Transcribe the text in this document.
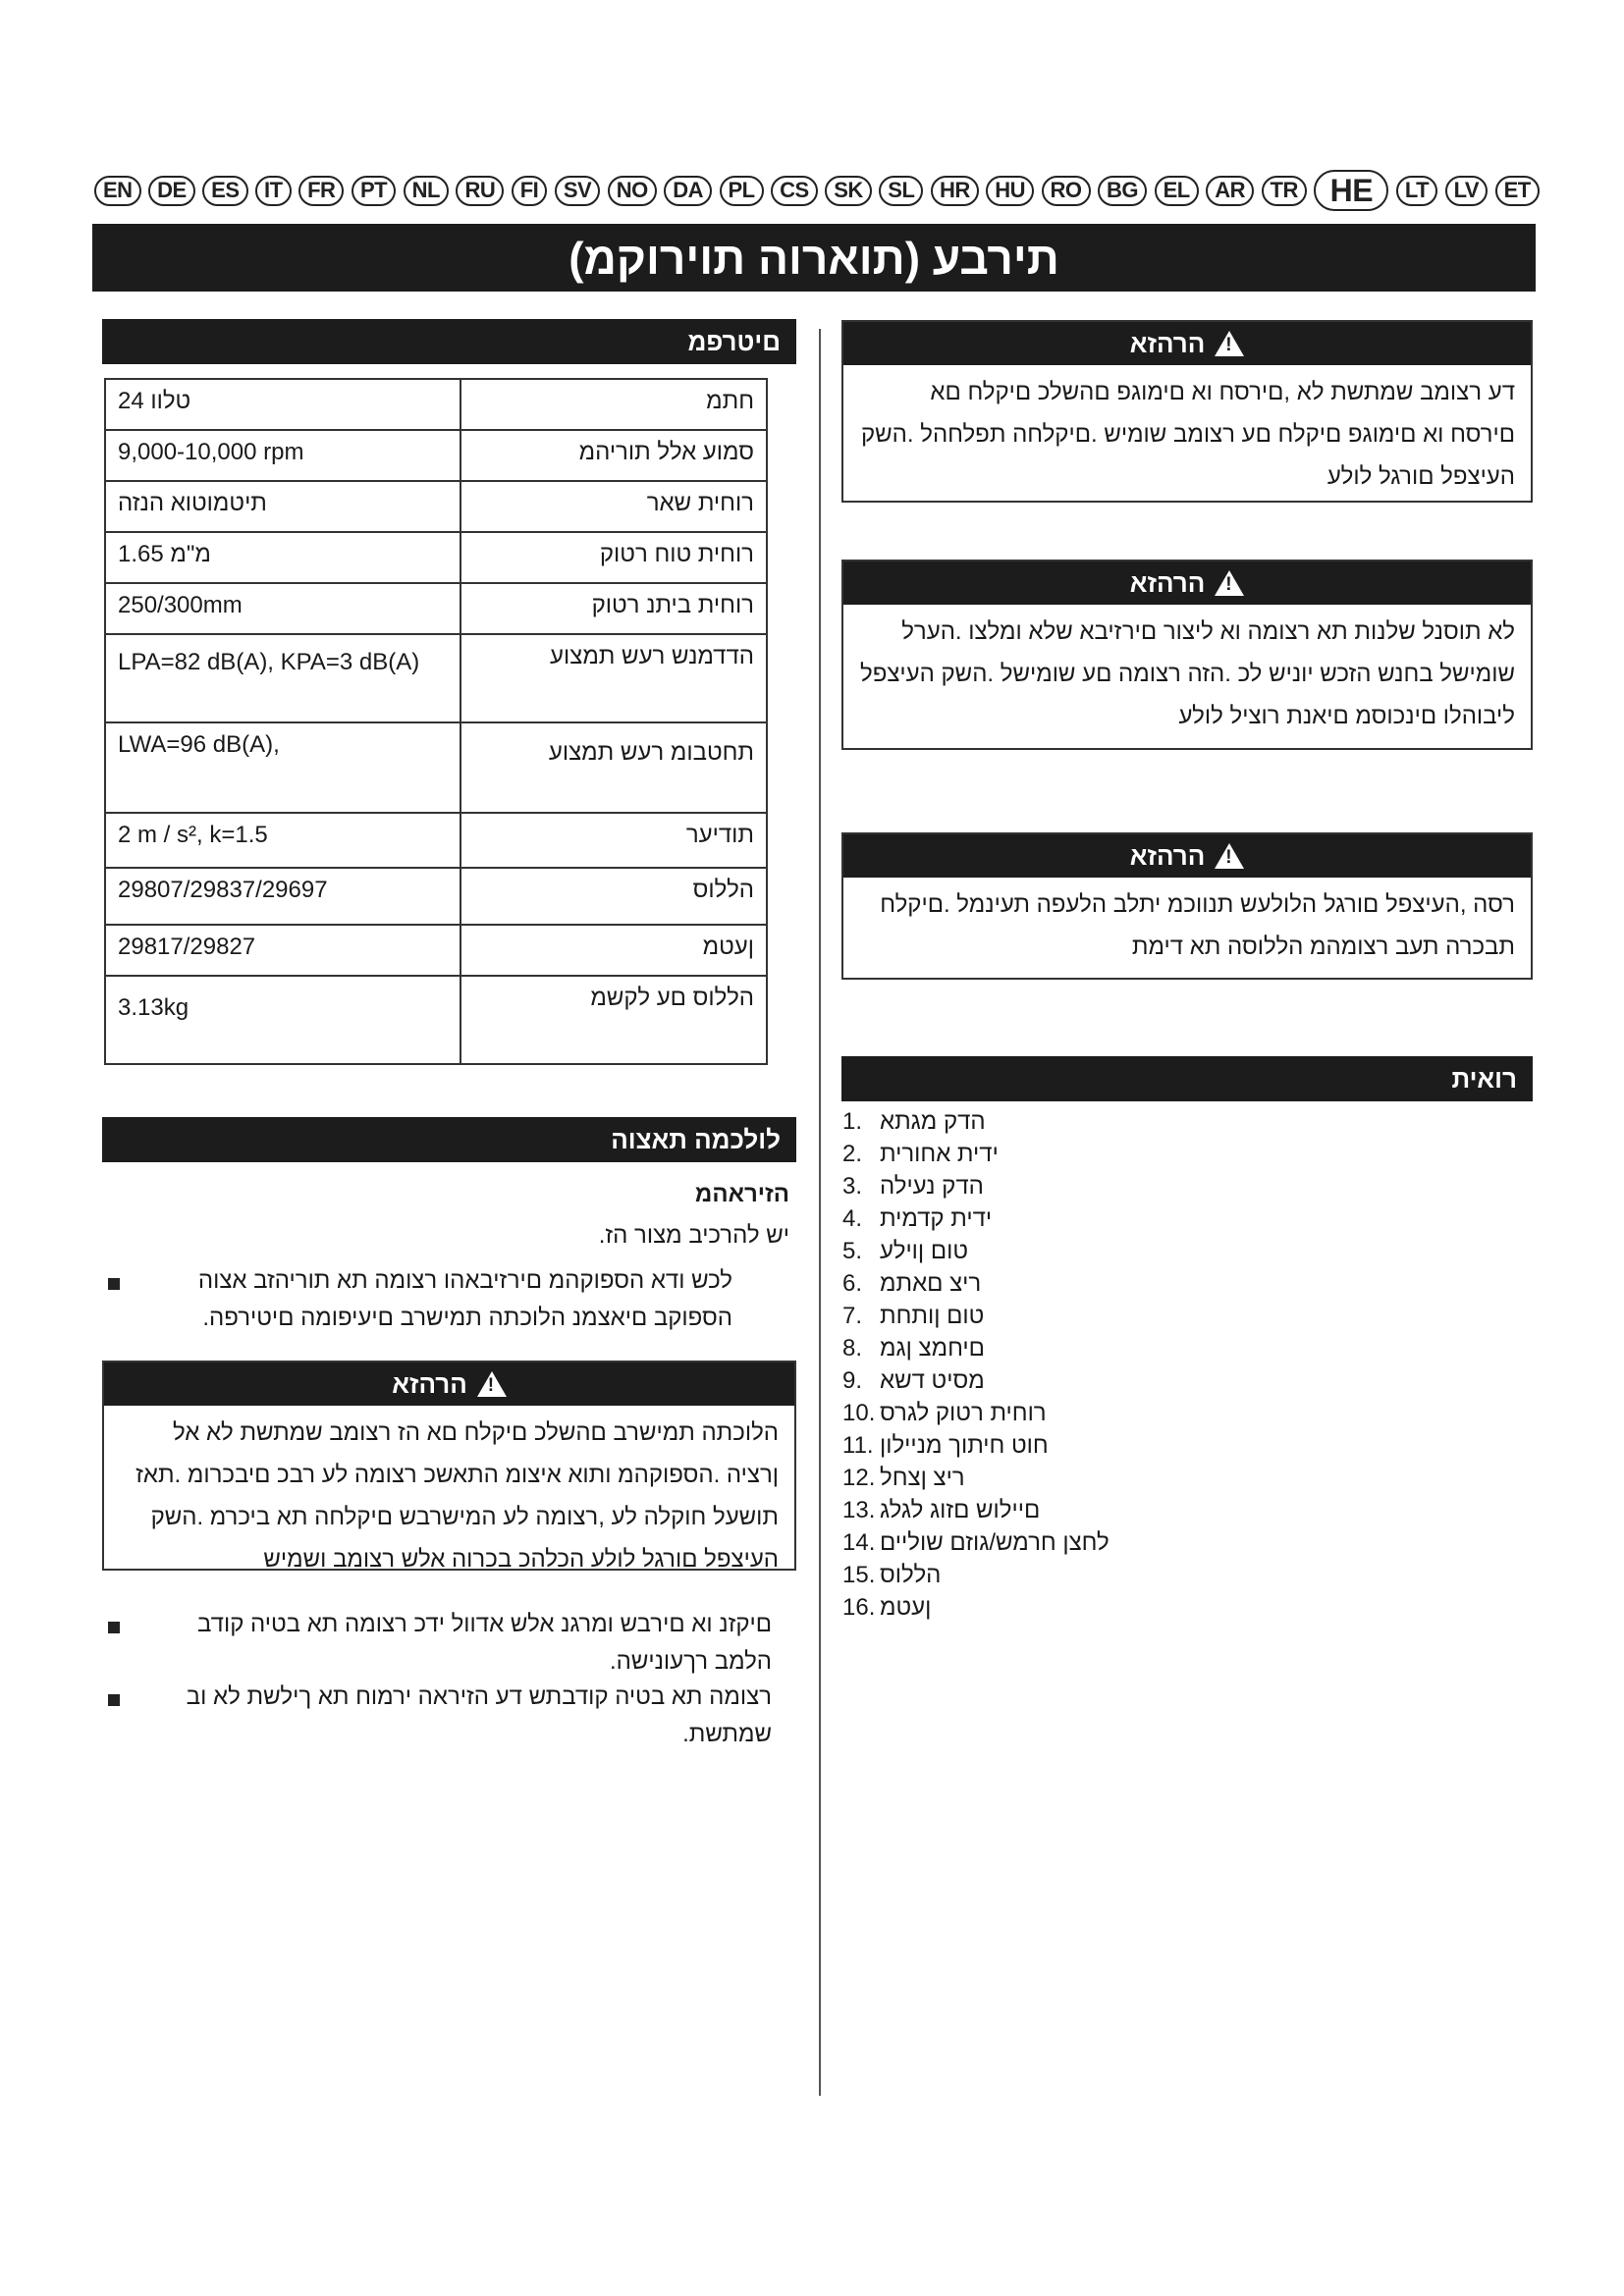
EN	DE	ES	IT	FR	PT	NL	RU	FI	SV	NO	DA	PL	CS	SK	SL	HR	HU	RO	BG	EL	AR	TR	HE	LT	LV	ET
תירבע (תוארוה תוירוקמ)
םיטרפמ
24 טלוו	חתמ
9,000-10,000 rpm	סמוע אלל תוריהמ
תיטמוטוא הנזה	רוחית שאר
1.65 מ"מ	רוחית טוח רטוק
250/300mm	רוחית ביתנ רטוק
LPA=82 dB(A), KPA=3 dB(A)	הדדמנש רעש תמצוע
LWA=96 dB(A),	תחטבומ רעש תמצוע
2 m / s², k=1.5	תודיער
29807/29837/29697	הללוס
29817/29827	ןעטמ
3.13kg	הללוס םע לקשמ
לולכמה תאצוה
הזיראהמ
יש להרכיב מצור הז.
לכש ודא הספוקהמ םירזיבאהו רצומה תא תוריהזב אצוה הספוקב םיאצמנ הלוכתה תמישרב םיעיפומה םיטירפה.
!
הרהזא
הלוכתה תמישרב םהשלכ םיקלח םא הז רצומב שמתשת לא אל ןרציה .הספוקהמ ותוא איצומ התאשכ רצומה לע רבכ םיבכרומ .תאז תושעל חוקלה לע ,רצומה לע המישרבש םיקלחה תא ביכרמ .השק העיצפל םורגל לולע הכלהכ בכרוה אלש רצומב ושמיש
םיקזנ וא םירבש ומרגנ אלש אדוול ידכ רצומה תא בטיה קודב הלמב רךעונישה.
רצומה תא בטיה קודבתש דע הזיראה ירמוח תא ךילשת לא וב שמתשת.
!
הרהזא
דע רצומב שמתשת לא ,םירסח וא םימוגפ םהשלכ םיקלח םא םירסח וא םימוגפ םיקלח םע רצומב שומיש .םיקלחה תפלחהל .השק העיצפל םורגל לולע
!
הרהזא
לא תוסנל שלנות תא רצומה וא ליצור םירזיבא שלא ומלצו .הערל שומישל בחנש הזכש יוניש לכ .הזה רצומה םע שומישל .השק העיצפל ליבוהלו םינכוסמ םיאנת רוציל לולע
!
הרהזא
רסה ,העיצפל םורגל הלולעש תנווכמ יתלב הלעפה תעינמל .םיקלח תבכרה תעב רצומהמ הללוסה תא דימת
רואית
1. הדק מגתא
2. ידית אחורית
3. הדק נעילה
4. ידית קדמית
5. טום ןוילע
6. ריצ םאתמ
7. טום ןותחת
8. םיחמצ ןגמ
9. מסיט דשא
10. רוחית רטוק לגרס
11. חוט חיתוך מניילון
12. ריצ ןצחל
13. םיילוש םזוג לגלג
14. לחצן חרמש/גוזם שוליים
15. הללוס
16. ןעטמ
